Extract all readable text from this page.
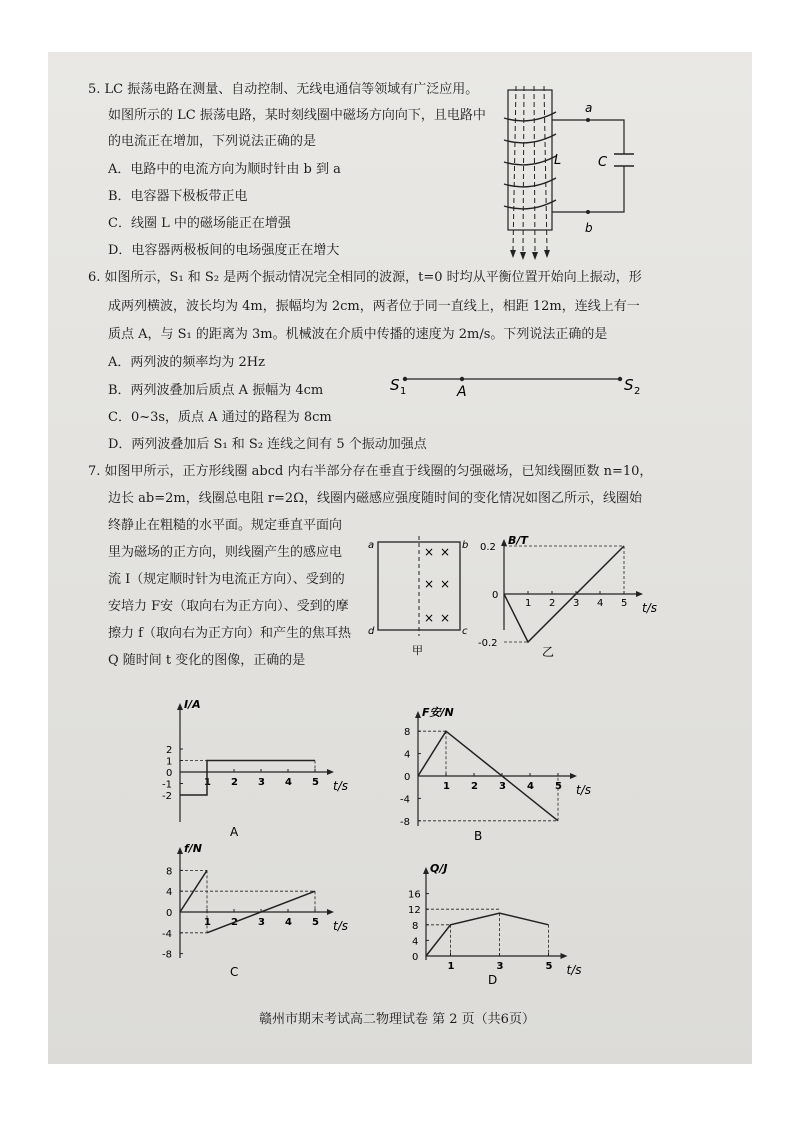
5. LC 振荡电路在测量、自动控制、无线电通信等领域有广泛应用。
如图所示的 LC 振荡电路，某时刻线圈中磁场方向向下，且电路中
的电流正在增加，下列说法正确的是
A．电路中的电流方向为顺时针由 b 到 a
B．电容器下极板带正电
C．线圈 L 中的磁场能正在增强
D．电容器两极板间的电场强度正在增大
a
b
L	C
6. 如图所示，S₁ 和 S₂ 是两个振动情况完全相同的波源，t=0 时均从平衡位置开始向上振动，形
成两列横波，波长均为 4m，振幅均为 2cm，两者位于同一直线上，相距 12m，连线上有一
质点 A，与 S₁ 的距离为 3m。机械波在介质中传播的速度为 2m/s。下列说法正确的是
A．两列波的频率均为 2Hz
B．两列波叠加后质点 A 振幅为 4cm
C．0~3s，质点 A 通过的路程为 8cm
D．两列波叠加后 S₁ 和 S₂ 连线之间有 5 个振动加强点
S 1	A	S 2
7. 如图甲所示，正方形线圈 abcd 内右半部分存在垂直于线圈的匀强磁场，已知线圈匝数 n=10，
边长 ab=2m，线圈总电阻 r=2Ω，线圈内磁感应强度随时间的变化情况如图乙所示，线圈始
终静止在粗糙的水平面。规定垂直平面向
里为磁场的正方向，则线圈产生的感应电
流 I（规定顺时针为电流正方向）、受到的
安培力 F安（取向右为正方向）、受到的摩
擦力 f（取向右为正方向）和产生的焦耳热
Q 随时间 t 变化的图像，正确的是
a	b
c
d
× ×
× ×
× ×
甲
t/s
B/T
0
1 2 3 4 5
0.2
-0.2
乙
t/s
I/A
A
2
1
0
-1
-2
1 2 3 4 5
t/s
F安/N
B
8
4
0
-4
-8
1 2 3 4 5
t/s
f/N
C
8
4
0
-4
-8
1 2 3 4 5
t/s
Q/J
D
16
12
8
4
0
1	3	5
赣州市期末考试高二物理试卷 第 2 页（共6页）
